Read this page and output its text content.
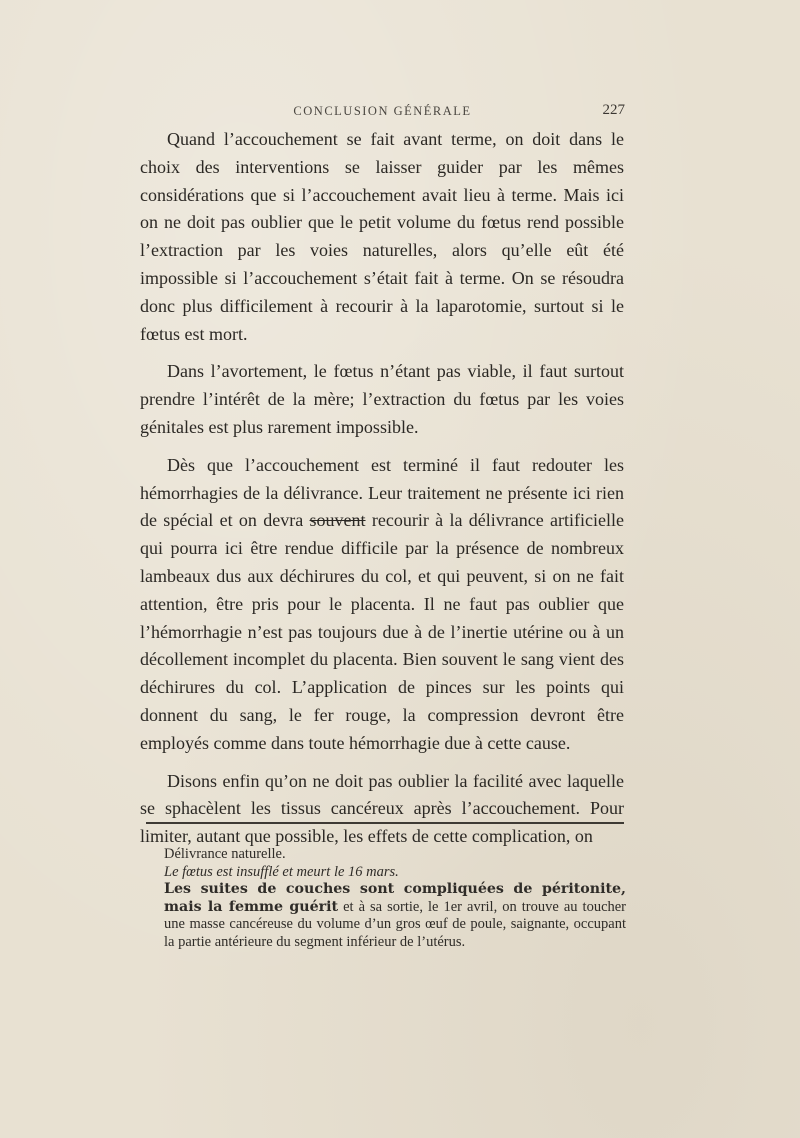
CONCLUSION GÉNÉRALE	227

Quand l’accouchement se fait avant terme, on doit dans le choix des interventions se laisser guider par les mêmes considérations que si l’accouchement avait lieu à terme. Mais ici on ne doit pas oublier que le petit volume du fœtus rend possible l’extraction par les voies naturelles, alors qu’elle eût été impossible si l’accouchement s’était fait à terme. On se résoudra donc plus difficilement à recourir à la laparotomie, surtout si le fœtus est mort.

Dans l’avortement, le fœtus n’étant pas viable, il faut surtout prendre l’intérêt de la mère; l’extraction du fœtus par les voies génitales est plus rarement impossible.

Dès que l’accouchement est terminé il faut redouter les hémorrhagies de la délivrance. Leur traitement ne présente ici rien de spécial et on devra souvent recourir à la délivrance artificielle qui pourra ici être rendue difficile par la présence de nombreux lambeaux dus aux déchirures du col, et qui peuvent, si on ne fait attention, être pris pour le placenta. Il ne faut pas oublier que l’hémorrhagie n’est pas toujours due à de l’inertie utérine ou à un décollement incomplet du placenta. Bien souvent le sang vient des déchirures du col. L’application de pinces sur les points qui donnent du sang, le fer rouge, la compression devront être employés comme dans toute hémorrhagie due à cette cause.

Disons enfin qu’on ne doit pas oublier la facilité avec laquelle se sphacèlent les tissus cancéreux après l’accouchement. Pour limiter, autant que possible, les effets de cette complication, on

Délivrance naturelle.
Le fœtus est insufflé et meurt le 16 mars.
Les suites de couches sont compliquées de péritonite, mais la femme guérit et à sa sortie, le 1er avril, on trouve au toucher une masse cancéreuse du volume d’un gros œuf de poule, saignante, occupant la partie antérieure du segment inférieur de l’utérus.
